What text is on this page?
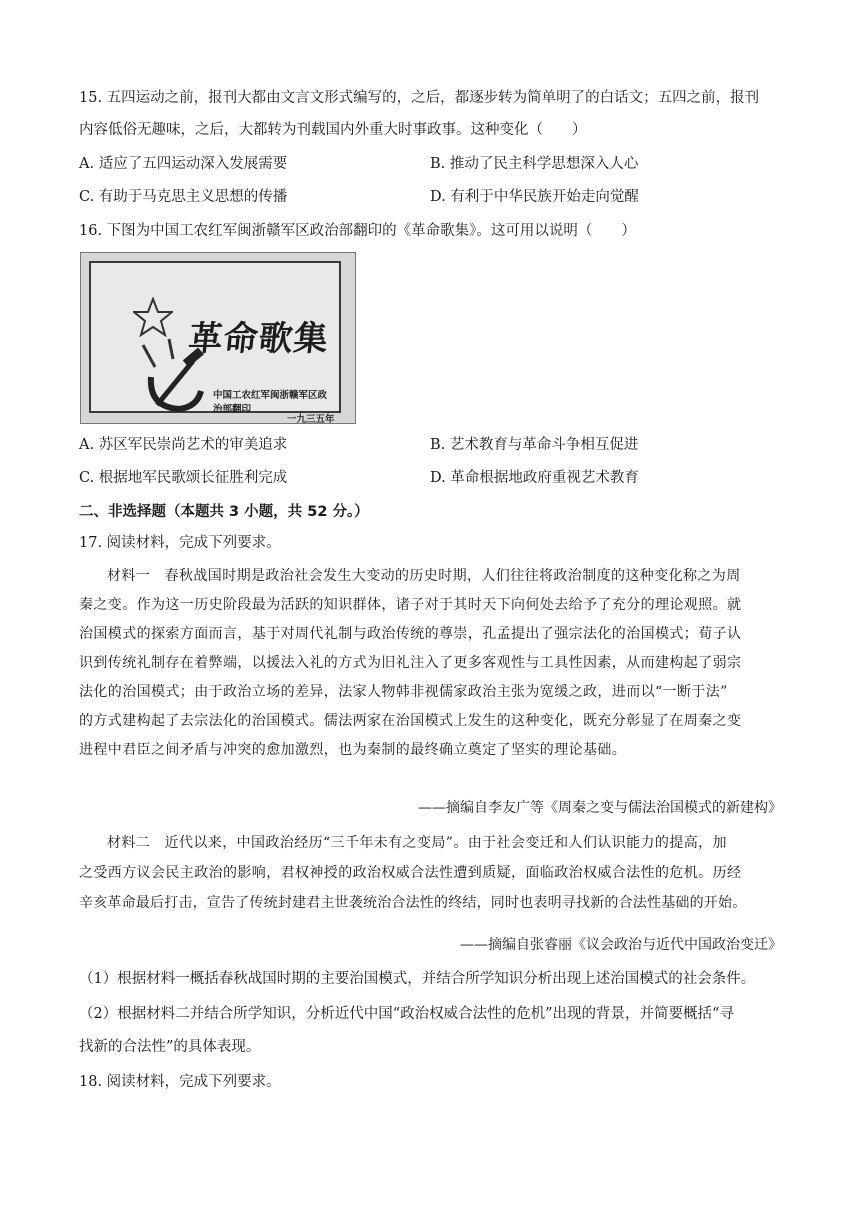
15. 五四运动之前，报刊大都由文言文形式编写的，之后，都逐步转为简单明了的白话文；五四之前，报刊
内容低俗无趣味，之后，大都转为刊载国内外重大时事政事。这种变化（　　）
A. 适应了五四运动深入发展需要	B. 推动了民主科学思想深入人心
C. 有助于马克思主义思想的传播	D. 有利于中华民族开始走向觉醒
16. 下图为中国工农红军闽浙赣军区政治部翻印的《革命歌集》。这可用以说明（　　）
革命歌集
中国工农红军闽浙赣军区政
治部翻印
一九三五年
A. 苏区军民崇尚艺术的审美追求	B. 艺术教育与革命斗争相互促进
C. 根据地军民歌颂长征胜利完成	D. 革命根据地政府重视艺术教育
二、非选择题（本题共 3 小题，共 52 分。）
17. 阅读材料，完成下列要求。
材料一　春秋战国时期是政治社会发生大变动的历史时期，人们往往将政治制度的这种变化称之为周
秦之变。作为这一历史阶段最为活跃的知识群体，诸子对于其时天下向何处去给予了充分的理论观照。就
治国模式的探索方面而言，基于对周代礼制与政治传统的尊崇，孔孟提出了强宗法化的治国模式；荀子认
识到传统礼制存在着弊端，以援法入礼的方式为旧礼注入了更多客观性与工具性因素，从而建构起了弱宗
法化的治国模式；由于政治立场的差异，法家人物韩非视儒家政治主张为宽缓之政，进而以“一断于法”
的方式建构起了去宗法化的治国模式。儒法两家在治国模式上发生的这种变化，既充分彰显了在周秦之变
进程中君臣之间矛盾与冲突的愈加激烈，也为秦制的最终确立奠定了坚实的理论基础。
——摘编自李友广等《周秦之变与儒法治国模式的新建构》
材料二　近代以来，中国政治经历“三千年未有之变局”。由于社会变迁和人们认识能力的提高，加
之受西方议会民主政治的影响，君权神授的政治权威合法性遭到质疑，面临政治权威合法性的危机。历经
辛亥革命最后打击，宣告了传统封建君主世袭统治合法性的终结，同时也表明寻找新的合法性基础的开始。
——摘编自张睿丽《议会政治与近代中国政治变迁》
（1）根据材料一概括春秋战国时期的主要治国模式，并结合所学知识分析出现上述治国模式的社会条件。
（2）根据材料二并结合所学知识，分析近代中国“政治权威合法性的危机”出现的背景，并简要概括“寻
找新的合法性”的具体表现。
18. 阅读材料，完成下列要求。
